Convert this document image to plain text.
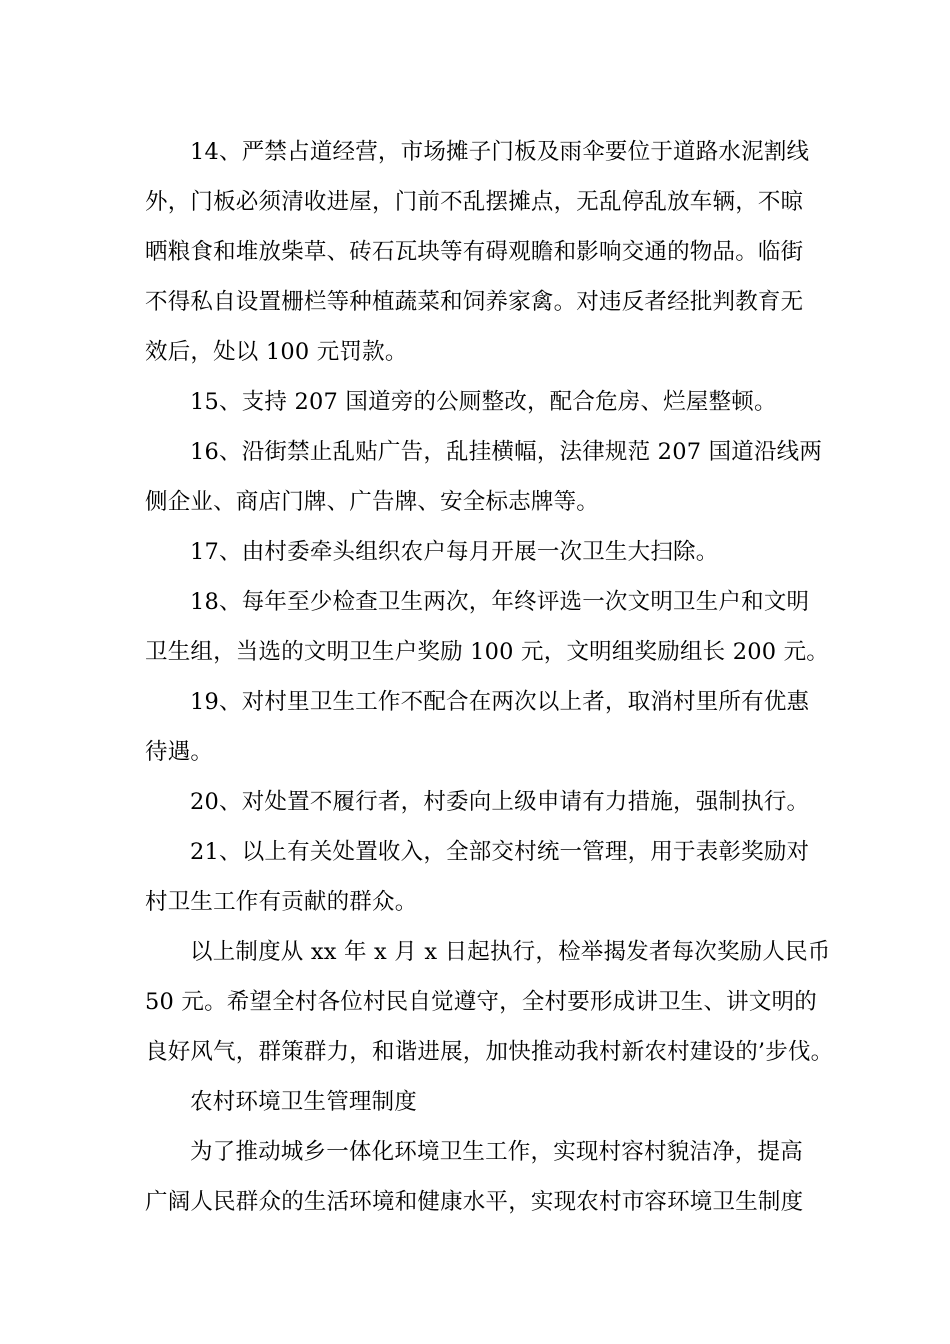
14、严禁占道经营，市场摊子门板及雨伞要位于道路水泥割线
外，门板必须清收进屋，门前不乱摆摊点，无乱停乱放车辆，不晾
晒粮食和堆放柴草、砖石瓦块等有碍观瞻和影响交通的物品。临街
不得私自设置栅栏等种植蔬菜和饲养家禽。对违反者经批判教育无
效后，处以 100 元罚款。
15、支持 207 国道旁的公厕整改，配合危房、烂屋整顿。
16、沿街禁止乱贴广告，乱挂横幅，法律规范 207 国道沿线两
侧企业、商店门牌、广告牌、安全标志牌等。
17、由村委牵头组织农户每月开展一次卫生大扫除。
18、每年至少检查卫生两次，年终评选一次文明卫生户和文明
卫生组，当选的文明卫生户奖励 100 元，文明组奖励组长 200 元。
19、对村里卫生工作不配合在两次以上者，取消村里所有优惠
待遇。
20、对处置不履行者，村委向上级申请有力措施，强制执行。
21、以上有关处置收入，全部交村统一管理，用于表彰奖励对
村卫生工作有贡献的群众。
以上制度从 xx 年 x 月 x 日起执行，检举揭发者每次奖励人民币
50 元。希望全村各位村民自觉遵守，全村要形成讲卫生、讲文明的
良好风气，群策群力，和谐进展，加快推动我村新农村建设的’步伐。
农村环境卫生管理制度
为了推动城乡一体化环境卫生工作，实现村容村貌洁净，提高
广阔人民群众的生活环境和健康水平，实现农村市容环境卫生制度
